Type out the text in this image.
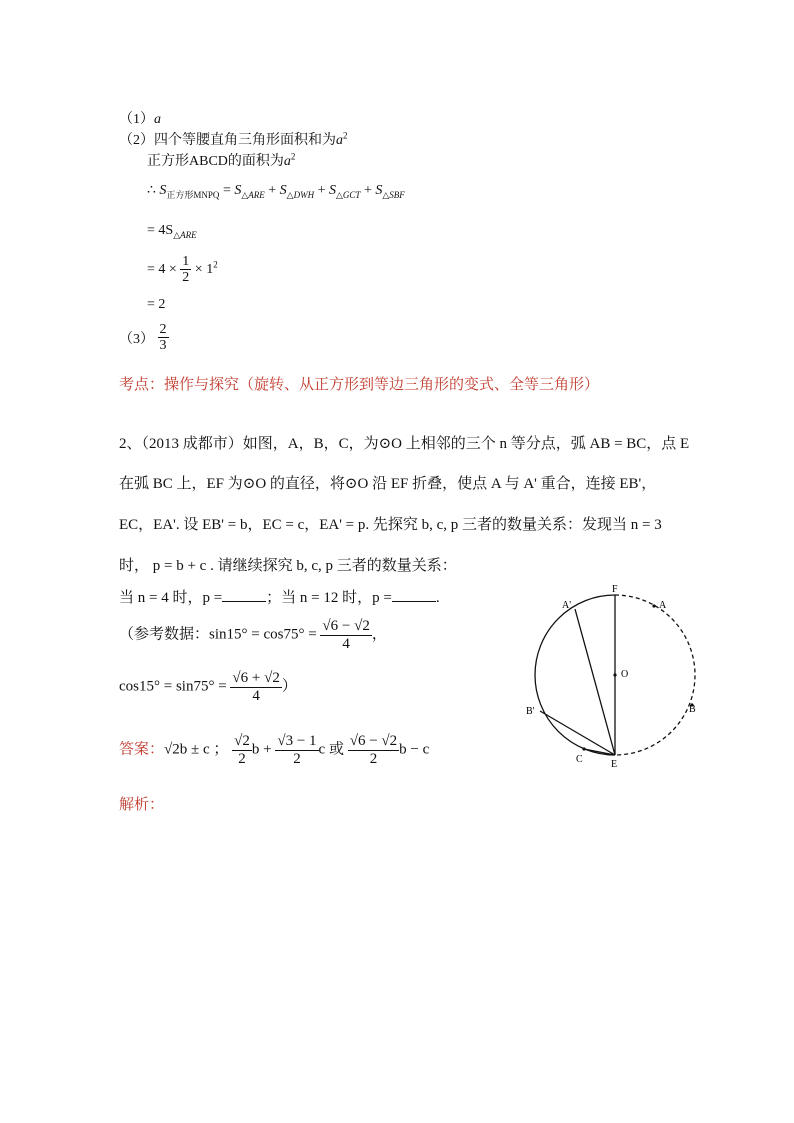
（1）a
（2）四个等腰直角三角形面积和为$a^2$
正方形ABCD的面积为$a^2$
∴ $S_{正方形MNPQ} = S_{\triangle ARE} + S_{\triangle DWH} + S_{\triangle GCT} + S_{\triangle SBF}$
= $4S_{\triangle ARE}$
= $4 \times \frac{1}{2} \times 1^2$
= 2
$(3) \frac{2}{3}$
考点：操作与探究（旋转、从正方形到等边三角形的变式、全等三角形）
2、（2013 成都市）如图，A，B，C，为⊙O 上相邻的三个 n 等分点，弧 AB = BC，点 E
在弧 BC 上，EF 为⊙O 的直径，将⊙O 沿 EF 折叠，使点 A 与 A' 重合，连接 EB'，
EC，EA'. 设 EB' = b，EC = c，EA' = p. 先探究 b, c, p 三者的数量关系：发现当 n = 3
时， p = b + c . 请继续探究 b, c, p 三者的数量关系：
当 n = 4 时，p =	；当 n = 12 时，p =	.
（参考数据：$\sin 15^\circ = \cos 75^\circ = \frac{√6 - √2}{4}$ ，
$\cos 15^\circ = \sin 75^\circ = \frac{√6 + √2}{4}$ ）
答案：√2b ± c ； $\frac{√2}{2}$ $b + \frac{√3 - 1}{2}$ c 或 $\frac{√6 - √2}{2}$ b − c
解析：
F
A'	A
O
B'	B
C	E
